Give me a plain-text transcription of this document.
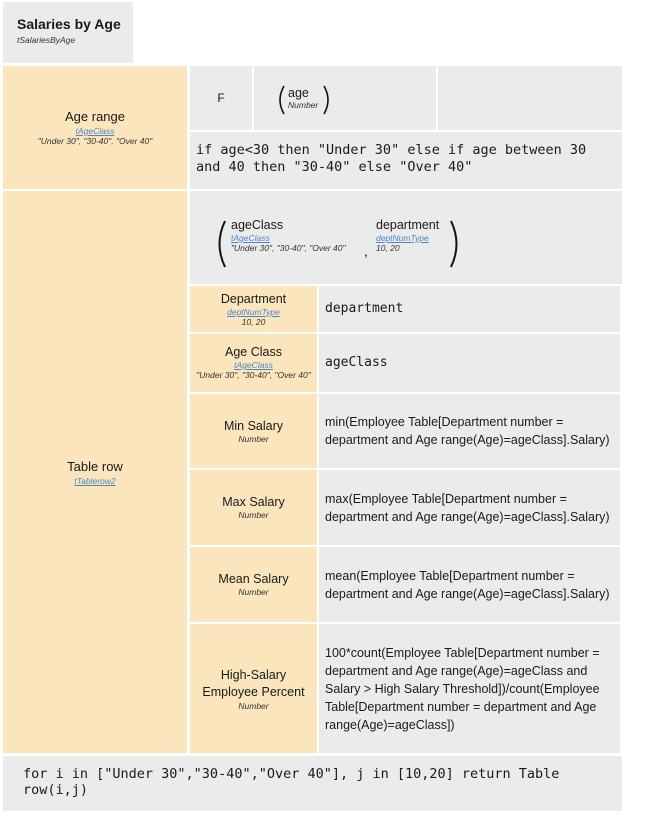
Salaries by Age
tSalariesByAge
Age range
tAgeClass
"Under 30", "30-40", "Over 40"
F	age
Number
if age<30 then "Under 30" else if age between 30 and 40 then "30-40" else "Over 40"
Table row
tTablerow2
ageClass
tAgeClass
"Under 30", "30-40", "Over 40" ,
department
deptNumType
10, 20
Department
deptNumType
10, 20
department
Age Class
tAgeClass
"Under 30", "30-40", "Over 40"
ageClass
Min Salary
Number
min(Employee Table[Department number = department and Age range(Age)=ageClass].Salary)
Max Salary
Number
max(Employee Table[Department number = department and Age range(Age)=ageClass].Salary)
Mean Salary
Number
mean(Employee Table[Department number = department and Age range(Age)=ageClass].Salary)
High-Salary Employee Percent
Number
100*count(Employee Table[Department number = department and Age range(Age)=ageClass and Salary > High Salary Threshold])/count(Employee Table[Department number = department and Age range(Age)=ageClass])
for i in ["Under 30","30-40","Over 40"], j in [10,20] return Table row(i,j)
